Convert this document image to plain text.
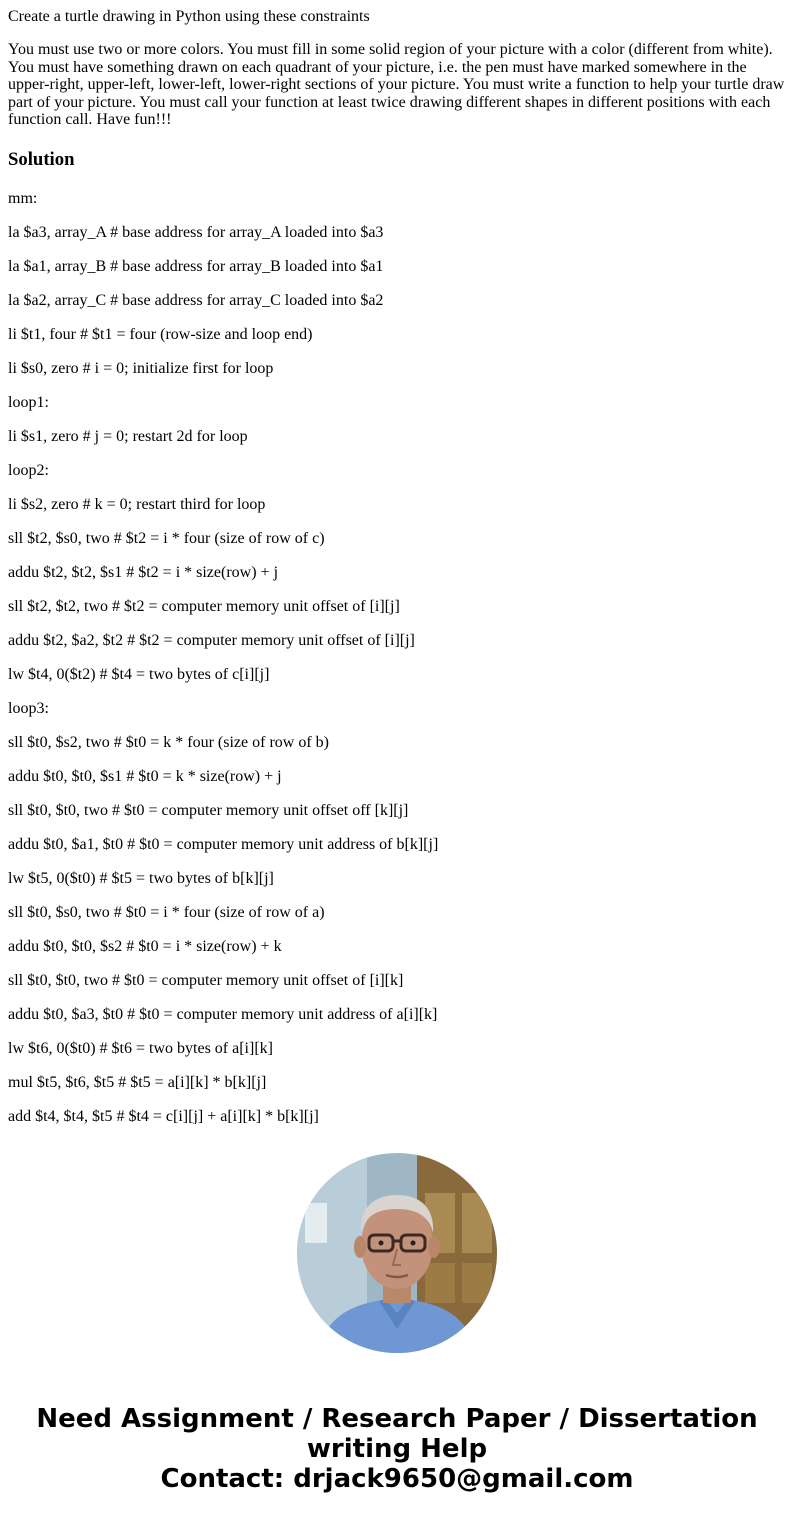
Create a turtle drawing in Python using these constraints
You must use two or more colors. You must fill in some solid region of your picture with a color (different from white). You must have something drawn on each quadrant of your picture, i.e. the pen must have marked somewhere in the upper-right, upper-left, lower-left, lower-right sections of your picture. You must write a function to help your turtle draw part of your picture. You must call your function at least twice drawing different shapes in different positions with each function call. Have fun!!!
Solution

mm:

la $a3, array_A # base address for array_A loaded into $a3

la $a1, array_B # base address for array_B loaded into $a1

la $a2, array_C # base address for array_C loaded into $a2

li $t1, four # $t1 = four (row-size and loop end)

li $s0, zero # i = 0; initialize first for loop

loop1:

li $s1, zero # j = 0; restart 2d for loop

loop2:

li $s2, zero # k = 0; restart third for loop

sll $t2, $s0, two # $t2 = i * four (size of row of c)

addu $t2, $t2, $s1 # $t2 = i * size(row) + j

sll $t2, $t2, two # $t2 = computer memory unit offset of [i][j]

addu $t2, $a2, $t2 # $t2 = computer memory unit offset of [i][j]

lw $t4, 0($t2) # $t4 = two bytes of c[i][j]

loop3:

sll $t0, $s2, two # $t0 = k * four (size of row of b)

addu $t0, $t0, $s1 # $t0 = k * size(row) + j

sll $t0, $t0, two # $t0 = computer memory unit offset off [k][j]

addu $t0, $a1, $t0 # $t0 = computer memory unit address of b[k][j]

lw $t5, 0($t0) # $t5 = two bytes of b[k][j]

sll $t0, $s0, two # $t0 = i * four (size of row of a)

addu $t0, $t0, $s2 # $t0 = i * size(row) + k

sll $t0, $t0, two # $t0 = computer memory unit offset of [i][k]

addu $t0, $a3, $t0 # $t0 = computer memory unit address of a[i][k]

lw $t6, 0($t0) # $t6 = two bytes of a[i][k]

mul $t5, $t6, $t5 # $t5 = a[i][k] * b[k][j]

add $t4, $t4, $t5 # $t4 = c[i][j] + a[i][k] * b[k][j]

Need Assignment / Research Paper / Dissertation
writing Help
Contact: drjack9650@gmail.com
